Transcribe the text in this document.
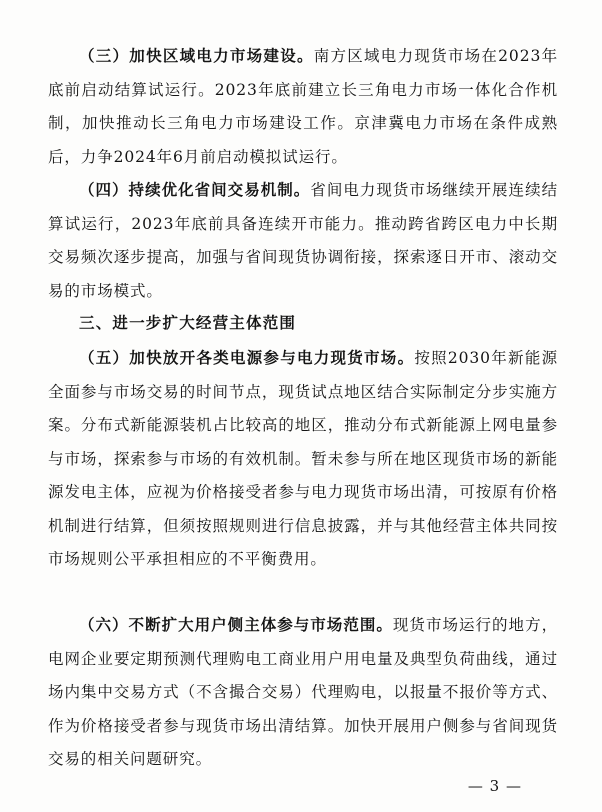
（三）加快区域电力市场建设。南方区域电力现货市场在2023年底前启动结算试运行。2023年底前建立长三角电力市场一体化合作机制，加快推动长三角电力市场建设工作。京津冀电力市场在条件成熟后，力争2024年6月前启动模拟试运行。

（四）持续优化省间交易机制。省间电力现货市场继续开展连续结算试运行，2023年底前具备连续开市能力。推动跨省跨区电力中长期交易频次逐步提高，加强与省间现货协调衔接，探索逐日开市、滚动交易的市场模式。

三、进一步扩大经营主体范围

（五）加快放开各类电源参与电力现货市场。按照2030年新能源全面参与市场交易的时间节点，现货试点地区结合实际制定分步实施方案。分布式新能源装机占比较高的地区，推动分布式新能源上网电量参与市场，探索参与市场的有效机制。暂未参与所在地区现货市场的新能源发电主体，应视为价格接受者参与电力现货市场出清，可按原有价格机制进行结算，但须按照规则进行信息披露，并与其他经营主体共同按市场规则公平承担相应的不平衡费用。

（六）不断扩大用户侧主体参与市场范围。现货市场运行的地方，电网企业要定期预测代理购电工商业用户用电量及典型负荷曲线，通过场内集中交易方式（不含撮合交易）代理购电，以报量不报价等方式、作为价格接受者参与现货市场出清结算。加快开展用户侧参与省间现货交易的相关问题研究。

— 3 —
